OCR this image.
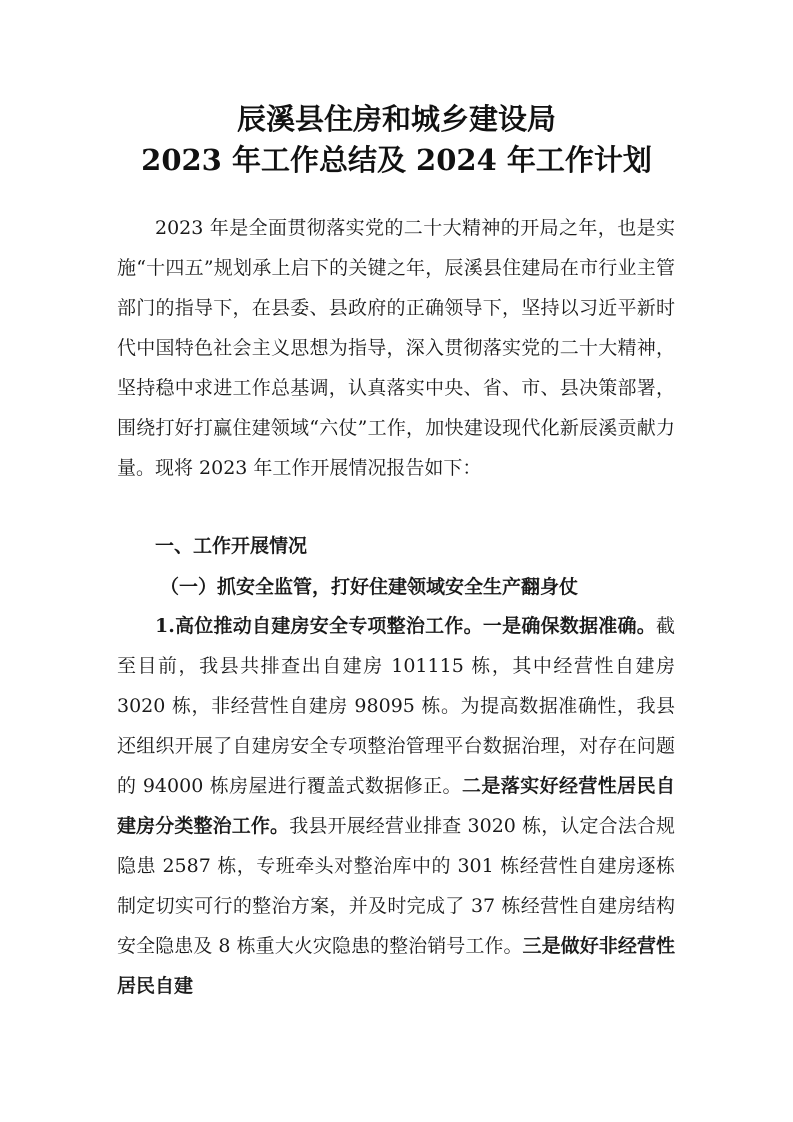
辰溪县住房和城乡建设局
2023 年工作总结及 2024 年工作计划

2023 年是全面贯彻落实党的二十大精神的开局之年，也是实施“十四五”规划承上启下的关键之年，辰溪县住建局在市行业主管部门的指导下，在县委、县政府的正确领导下，坚持以习近平新时代中国特色社会主义思想为指导，深入贯彻落实党的二十大精神，坚持稳中求进工作总基调，认真落实中央、省、市、县决策部署，围绕打好打赢住建领域“六仗”工作，加快建设现代化新辰溪贡献力量。现将 2023 年工作开展情况报告如下：

一、工作开展情况

（一）抓安全监管，打好住建领域安全生产翻身仗

1.高位推动自建房安全专项整治工作。一是确保数据准确。截至目前，我县共排查出自建房 101115 栋，其中经营性自建房 3020 栋，非经营性自建房 98095 栋。为提高数据准确性，我县还组织开展了自建房安全专项整治管理平台数据治理，对存在问题的 94000 栋房屋进行覆盖式数据修正。二是落实好经营性居民自建房分类整治工作。我县开展经营业排查 3020 栋，认定合法合规隐患 2587 栋，专班牵头对整治库中的 301 栋经营性自建房逐栋制定切实可行的整治方案，并及时完成了 37 栋经营性自建房结构安全隐患及 8 栋重大火灾隐患的整治销号工作。三是做好非经营性居民自建
